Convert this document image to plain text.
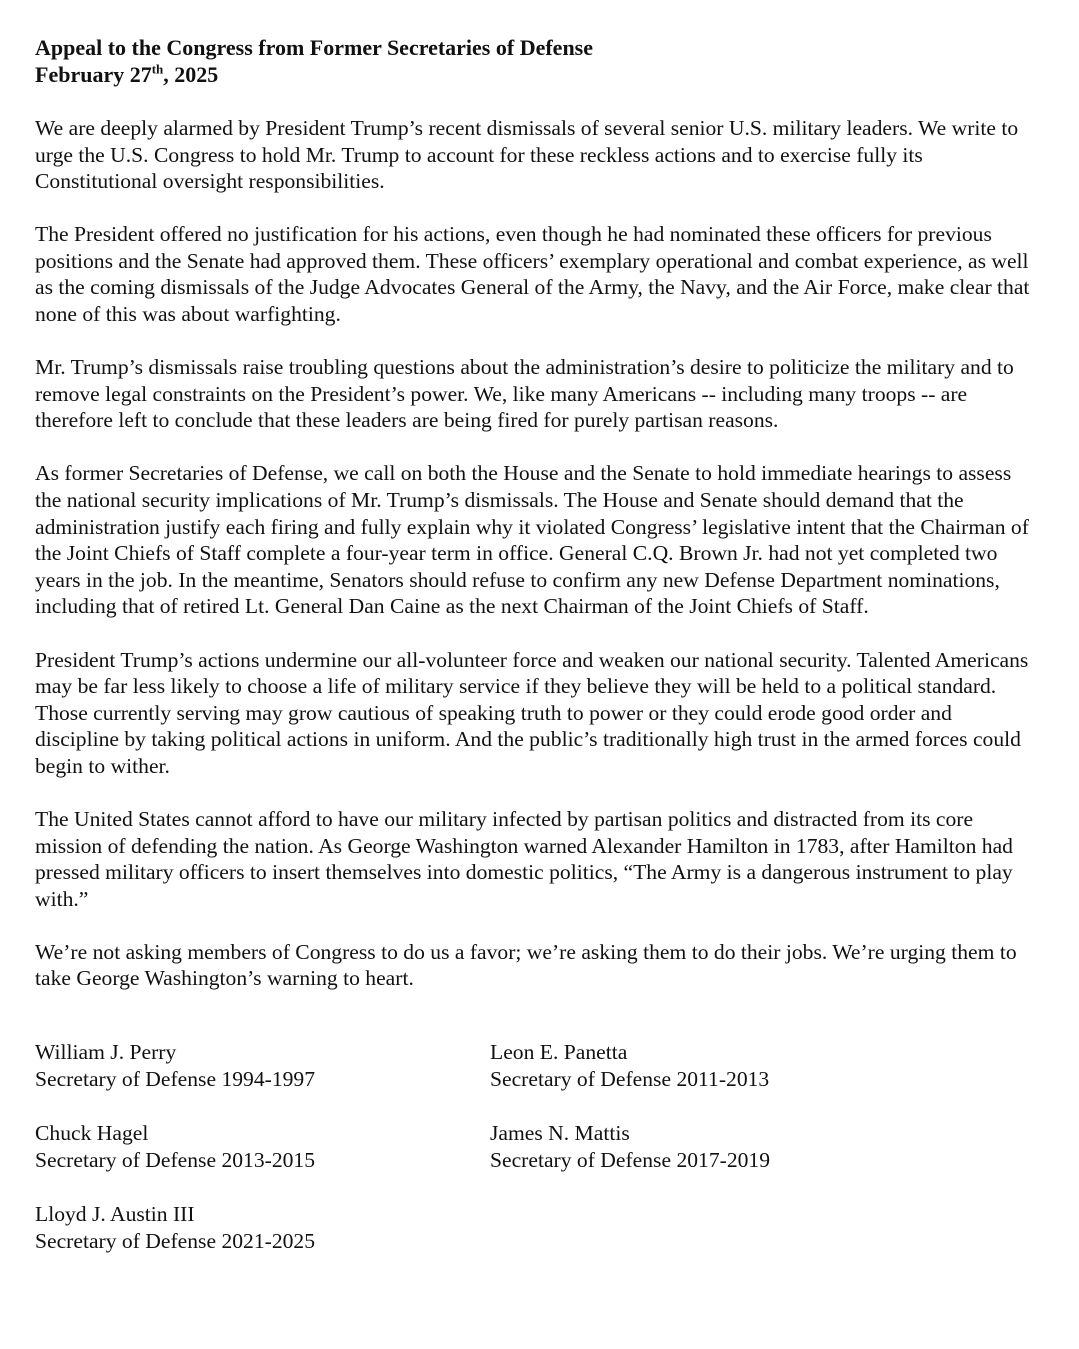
Appeal to the Congress from Former Secretaries of Defense

February 27th, 2025

We are deeply alarmed by President Trump’s recent dismissals of several senior U.S. military leaders. We write to urge the U.S. Congress to hold Mr. Trump to account for these reckless actions and to exercise fully its Constitutional oversight responsibilities.

The President offered no justification for his actions, even though he had nominated these officers for previous positions and the Senate had approved them. These officers’ exemplary operational and combat experience, as well as the coming dismissals of the Judge Advocates General of the Army, the Navy, and the Air Force, make clear that none of this was about warfighting.

Mr. Trump’s dismissals raise troubling questions about the administration’s desire to politicize the military and to remove legal constraints on the President’s power. We, like many Americans -- including many troops -- are therefore left to conclude that these leaders are being fired for purely partisan reasons.

As former Secretaries of Defense, we call on both the House and the Senate to hold immediate hearings to assess the national security implications of Mr. Trump’s dismissals. The House and Senate should demand that the administration justify each firing and fully explain why it violated Congress’ legislative intent that the Chairman of the Joint Chiefs of Staff complete a four-year term in office. General C.Q. Brown Jr. had not yet completed two years in the job. In the meantime, Senators should refuse to confirm any new Defense Department nominations, including that of retired Lt. General Dan Caine as the next Chairman of the Joint Chiefs of Staff.

President Trump’s actions undermine our all-volunteer force and weaken our national security. Talented Americans may be far less likely to choose a life of military service if they believe they will be held to a political standard. Those currently serving may grow cautious of speaking truth to power or they could erode good order and discipline by taking political actions in uniform. And the public’s traditionally high trust in the armed forces could begin to wither.

The United States cannot afford to have our military infected by partisan politics and distracted from its core mission of defending the nation. As George Washington warned Alexander Hamilton in 1783, after Hamilton had pressed military officers to insert themselves into domestic politics, “The Army is a dangerous instrument to play with.”

We’re not asking members of Congress to do us a favor; we’re asking them to do their jobs. We’re urging them to take George Washington’s warning to heart.

William J. Perry
Secretary of Defense 1994-1997
Leon E. Panetta
Secretary of Defense 2011-2013
Chuck Hagel
Secretary of Defense 2013-2015
James N. Mattis
Secretary of Defense 2017-2019
Lloyd J. Austin III
Secretary of Defense 2021-2025
